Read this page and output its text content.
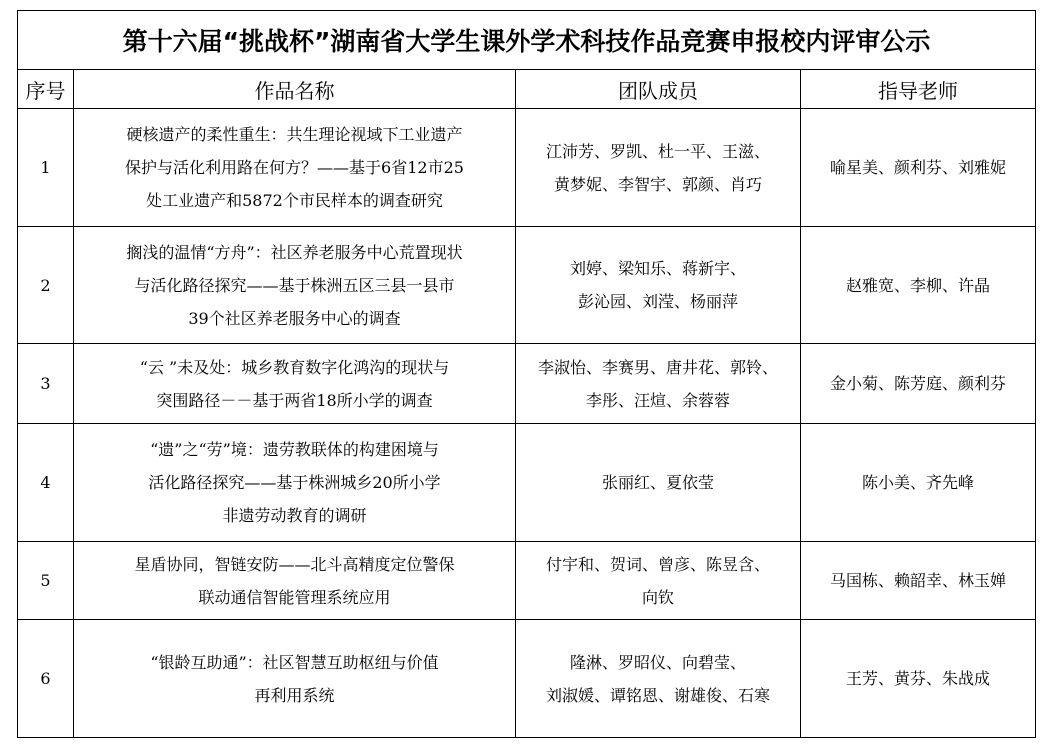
第十六届“挑战杯”湖南省大学生课外学术科技作品竞赛申报校内评审公示			
序号	作品名称	团队成员	指导老师
1	硬核遗产的柔性重生：共生理论视域下工业遗产
保护与活化利用路在何方？——基于6省12市25
处工业遗产和5872个市民样本的调查研究	江沛芳、罗凯、杜一平、王滋、
黄梦妮、李智宇、郭颜、肖巧	喻星美、颜利芬、刘雅妮

2	搁浅的温情“方舟”：社区养老服务中心荒置现状
与活化路径探究——基于株洲五区三县一县市
39个社区养老服务中心的调查	刘婷、梁知乐、蒋新宇、
彭沁园、刘滢、杨丽萍	赵雅宽、李柳、许晶

3	“云 ”未及处：城乡教育数字化鸿沟的现状与
突围路径－－基于两省18所小学的调查	李淑怡、李赛男、唐井花、郭铃、
李彤、汪煊、余蓉蓉	金小菊、陈芳庭、颜利芬

4	“遗”之“劳”境：遗劳教联体的构建困境与
活化路径探究——基于株洲城乡20所小学
非遗劳动教育的调研	张丽红、夏依莹	陈小美、齐先峰

5	星盾协同，智链安防——北斗高精度定位警保
联动通信智能管理系统应用	付宇和、贺词、曾彦、陈昱含、
向钦	马国栋、赖韶幸、林玉婵

6	“银龄互助通”：社区智慧互助枢纽与价值
再利用系统	隆淋、罗昭仪、向碧莹、
刘淑媛、谭铭恩、谢雄俊、石寒	王芳、黄芬、朱战成
